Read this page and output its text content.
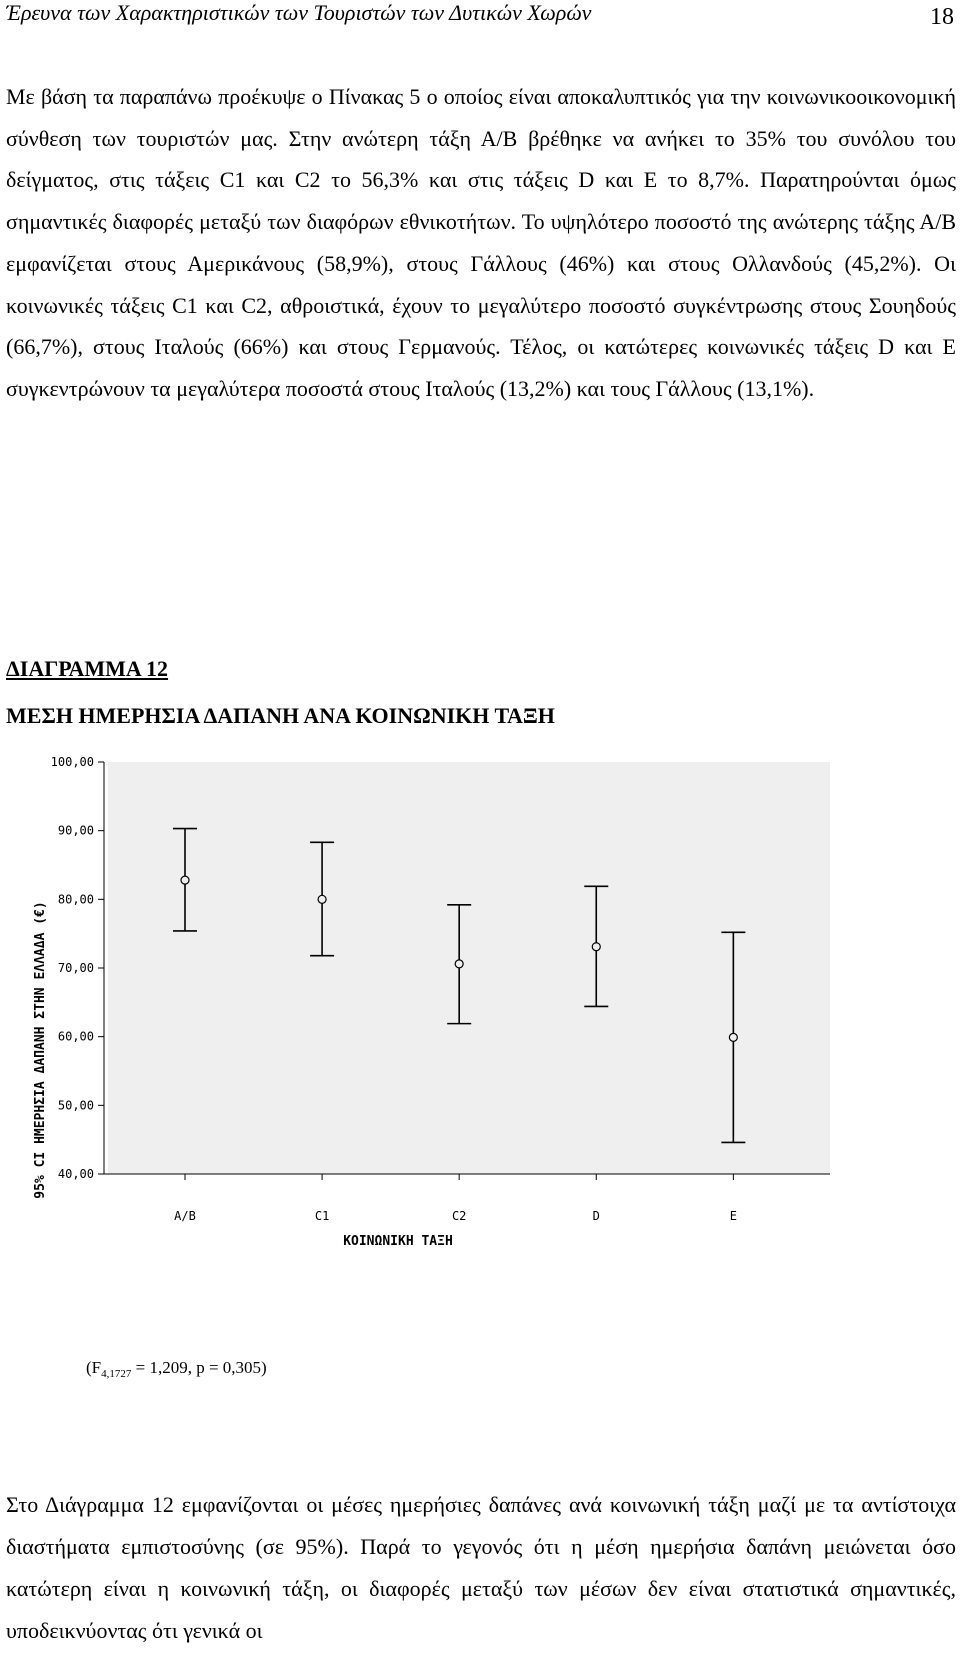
Έρευνα των Χαρακτηριστικών των Τουριστών των Δυτικών Χωρών	18

Με βάση τα παραπάνω προέκυψε ο Πίνακας 5 ο οποίος είναι αποκαλυπτικός για την κοινωνικοοικονομική σύνθεση των τουριστών μας. Στην ανώτερη τάξη Α/Β βρέθηκε να ανήκει το 35% του συνόλου του δείγματος, στις τάξεις C1 και C2 το 56,3% και στις τάξεις D και E το 8,7%. Παρατηρούνται όμως σημαντικές διαφορές μεταξύ των διαφόρων εθνικοτήτων. Το υψηλότερο ποσοστό της ανώτερης τάξης Α/Β εμφανίζεται στους Αμερικάνους (58,9%), στους Γάλλους (46%) και στους Ολλανδούς (45,2%). Οι κοινωνικές τάξεις C1 και C2, αθροιστικά, έχουν το μεγαλύτερο ποσοστό συγκέντρωσης στους Σουηδούς (66,7%), στους Ιταλούς (66%) και στους Γερμανούς. Τέλος, οι κατώτερες κοινωνικές τάξεις D και E συγκεντρώνουν τα μεγαλύτερα ποσοστά στους Ιταλούς (13,2%) και τους Γάλλους (13,1%).

ΔΙΑΓΡΑΜΜΑ 12
ΜΕΣΗ ΗΜΕΡΗΣΙΑ ΔΑΠΑΝΗ ΑΝΑ ΚΟΙΝΩΝΙΚΗ ΤΑΞΗ
40,00
50,00
60,00
70,00
80,00
90,00
100,00
A/B	C1	C2	D	E
ΚΟΙΝΩΝΙΚΗ ΤΑΞΗ
95% CI ΗΜΕΡΗΣΙΑ ΔΑΠΑΝΗ ΣΤΗΝ ΕΛΛΑΔΑ (€)
($F_{4,1727} = 1,209$, p = 0,305)

Στο Διάγραμμα 12 εμφανίζονται οι μέσες ημερήσιες δαπάνες ανά κοινωνική τάξη μαζί με τα αντίστοιχα διαστήματα εμπιστοσύνης (σε 95%). Παρά το γεγονός ότι η μέση ημερήσια δαπάνη μειώνεται όσο κατώτερη είναι η κοινωνική τάξη, οι διαφορές μεταξύ των μέσων δεν είναι στατιστικά σημαντικές, υποδεικνύοντας ότι γενικά οι
